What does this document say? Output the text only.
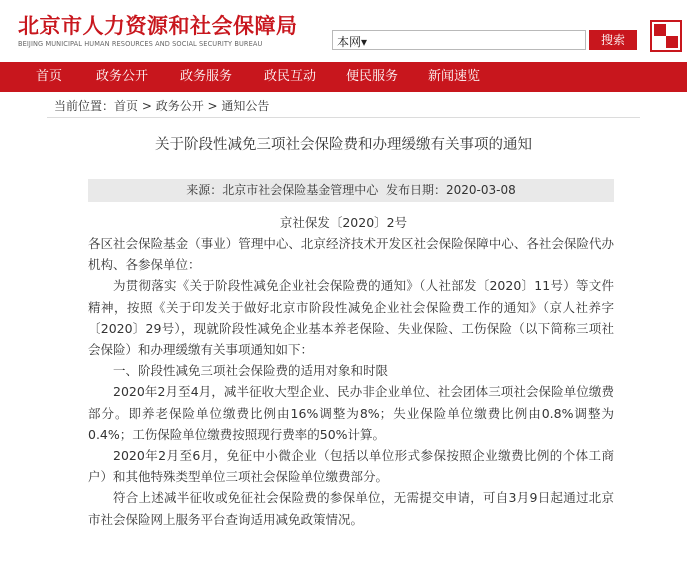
北京市人力资源和社会保障局
BEIJING MUNICIPAL HUMAN RESOURCES AND SOCIAL SECURITY BUREAU	本网▾	搜索
首页	政务公开 政务服务 政民互动 便民服务 新闻速览
当前位置：首页 > 政务公开 > 通知公告
关于阶段性减免三项社会保险费和办理缓缴有关事项的通知
来源：北京市社会保险基金管理中心 发布日期：2020-03-08
京社保发〔2020〕2号

各区社会保险基金（事业）管理中心、北京经济技术开发区社会保险保障中心、各社会保险代办机构、各参保单位：

为贯彻落实《关于阶段性减免企业社会保险费的通知》（人社部发〔2020〕11号）等文件精神，按照《关于印发关于做好北京市阶段性减免企业社会保险费工作的通知》（京人社养字〔2020〕29号），现就阶段性减免企业基本养老保险、失业保险、工伤保险（以下简称三项社会保险）和办理缓缴有关事项通知如下：

一、阶段性减免三项社会保险费的适用对象和时限

2020年2月至4月，减半征收大型企业、民办非企业单位、社会团体三项社会保险单位缴费部分。即养老保险单位缴费比例由16%调整为8%；失业保险单位缴费比例由0.8%调整为0.4%；工伤保险单位缴费按照现行费率的50%计算。

2020年2月至6月，免征中小微企业（包括以单位形式参保按照企业缴费比例的个体工商户）和其他特殊类型单位三项社会保险单位缴费部分。

符合上述减半征收或免征社会保险费的参保单位，无需提交申请，可自3月9日起通过北京市社会保险网上服务平台查询适用减免政策情况。
